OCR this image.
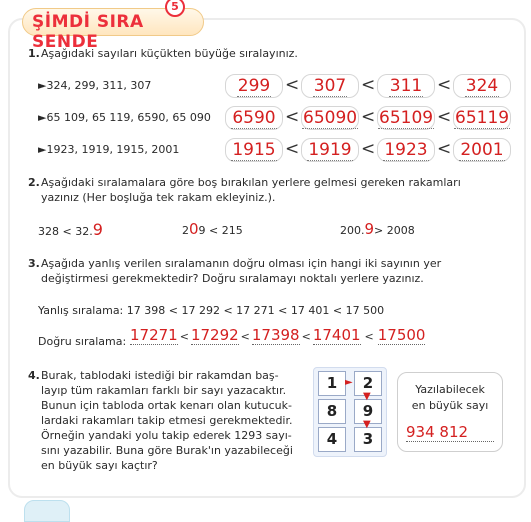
ŞİMDİ SIRA SENDE
5
1. Aşağıdaki sayıları küçükten büyüğe sıralayınız.
►324, 299, 311, 307	299 < 307 < 311 < 324
►65 109, 65 119, 6590, 65 090	6590 < 65090 < 65109 < 65119
►1923, 1919, 1915, 2001	1915 < 1919 < 1923 < 2001
2. Aşağıdaki sıralamalara göre boş bırakılan yerlere gelmesi gereken rakamları
yazınız (Her boşluğa tek rakam ekleyiniz.).
328 < 32.9	209 < 215	200.9> 2008
3. Aşağıda yanlış verilen sıralamanın doğru olması için hangi iki sayının yer
değiştirmesi gerekmektedir? Doğru sıralamayı noktalı yerlere yazınız.
Yanlış sıralama: 17 398 < 17 292 < 17 271 < 17 401 < 17 500
Doğru sıralama: 17271 < 17292 < 17398 < 17401 < 17500
4. Burak, tablodaki istediği bir rakamdan baş-
layıp tüm rakamları farklı bir sayı yazacaktır.
Bunun için tabloda ortak kenarı olan kutucuk-
lardaki rakamları takip etmesi gerekmektedir.
Örneğin yandaki yolu takip ederek 1293 sayı-
sını yazabilir. Buna göre Burak'ın yazabileceği
en büyük sayı kaçtır?
1	2
8	9
4	3
►
▼
▼
Yazılabilecek
en büyük sayı
934 812
